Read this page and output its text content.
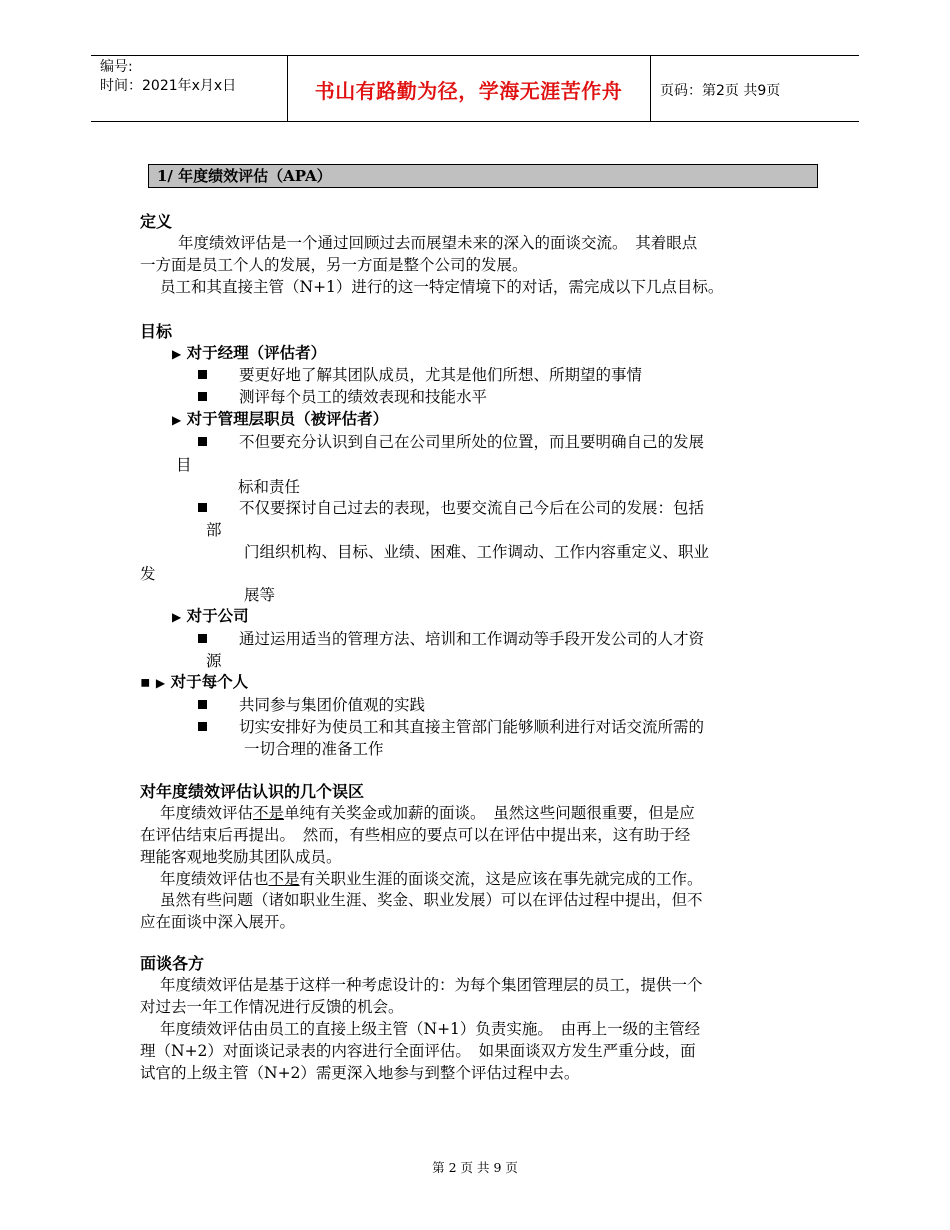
编号:
时间：2021年x月x日	书山有路勤为径，学海无涯苦作舟	页码：第2页 共9页
1/ 年度绩效评估（APA）
定义
年度绩效评估是一个通过回顾过去而展望未来的深入的面谈交流。　其着眼点
一方面是员工个人的发展，另一方面是整个公司的发展。
员工和其直接主管（N+1）进行的这一特定情境下的对话，需完成以下几点目标。
目标
▶ 对于经理（评估者）
要更好地了解其团队成员，尤其是他们所想、所期望的事情
测评每个员工的绩效表现和技能水平
▶ 对于管理层职员（被评估者）
不但要充分认识到自己在公司里所处的位置，而且要明确自己的发展
目
标和责任
不仅要探讨自己过去的表现，也要交流自己今后在公司的发展：包括
部
门组织机构、目标、业绩、困难、工作调动、工作内容重定义、职业
发
展等
▶ 对于公司
通过运用适当的管理方法、培训和工作调动等手段开发公司的人才资
源
▪ ▶ 对于每个人
共同参与集团价值观的实践
切实安排好为使员工和其直接主管部门能够顺利进行对话交流所需的
一切合理的准备工作
对年度绩效评估认识的几个误区
年度绩效评估不是单纯有关奖金或加薪的面谈。　虽然这些问题很重要，但是应
在评估结束后再提出。　然而，有些相应的要点可以在评估中提出来，这有助于经
理能客观地奖励其团队成员。
年度绩效评估也不是有关职业生涯的面谈交流，这是应该在事先就完成的工作。
虽然有些问题（诸如职业生涯、奖金、职业发展）可以在评估过程中提出，但不
应在面谈中深入展开。
面谈各方
年度绩效评估是基于这样一种考虑设计的：为每个集团管理层的员工，提供一个
对过去一年工作情况进行反馈的机会。
年度绩效评估由员工的直接上级主管（N+1）负责实施。　由再上一级的主管经
理（N+2）对面谈记录表的内容进行全面评估。　如果面谈双方发生严重分歧，面
试官的上级主管（N+2）需更深入地参与到整个评估过程中去。
第 2 页 共 9 页
